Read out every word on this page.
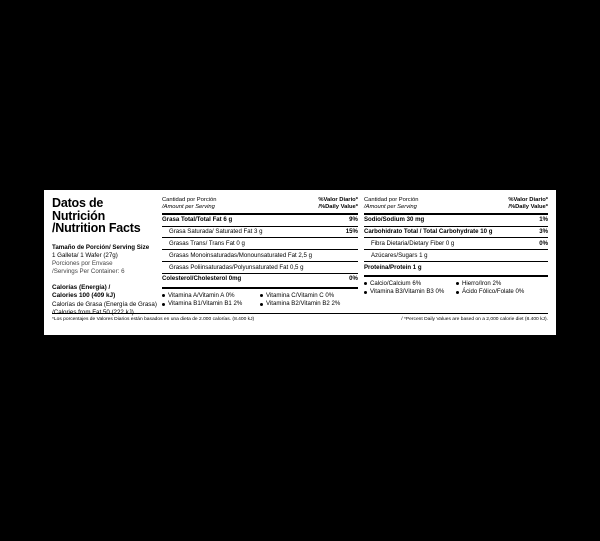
Datos de Nutrición
/Nutrition Facts
Tamaño de Porción/ Serving Size
1 Galleta/ 1 Wafer (27g)
Porciones por Envase
/Servings Per Container: 6
Calorías (Energía) /
Calories 100 (409 kJ)
Calorías de Grasa (Energía de Grasa)
/Calories from Fat 50 (222 kJ)
Cantidad por Porción
/Amount per Serving
%Valor Diario*
/%Daily Value*
Grasa Total/Total Fat 6 g	9%
Grasa Saturada/ Saturated Fat 3 g	15%
Grasas Trans/ Trans Fat 0 g
Grasas Monoinsaturadas/Monounsaturated Fat 2,5 g
Grasas Poliinsaturadas/Polyunsaturated Fat 0,5 g
Colesterol/Cholesterol 0mg	0%
Vitamina A/Vitamin A 0%	Vitamina C/Vitamin C 0%
Vitamina B1/Vitamin B1 2%	Vitamina B2/Vitamin B2 2%
Cantidad por Porción
/Amount per Serving
%Valor Diario*
/%Daily Value*
Sodio/Sodium 30 mg	1%
Carbohidrato Total / Total Carbohydrate 10 g	3%
Fibra Dietaria/Dietary Fiber 0 g	0%
Azúcares/Sugars 1 g
Proteína/Protein 1 g
Calcio/Calcium 6%	Hierro/Iron 2%
Vitamina B3/Vitamin B3 0%	Ácido Fólico/Folate 0%
*Los porcentajes de Valores Diarios están basados en una dieta de 2.000 calorías. (8.400 kJ)	/ *Percent Daily Values are based on a 2,000 calorie diet (8.400 kJ).
